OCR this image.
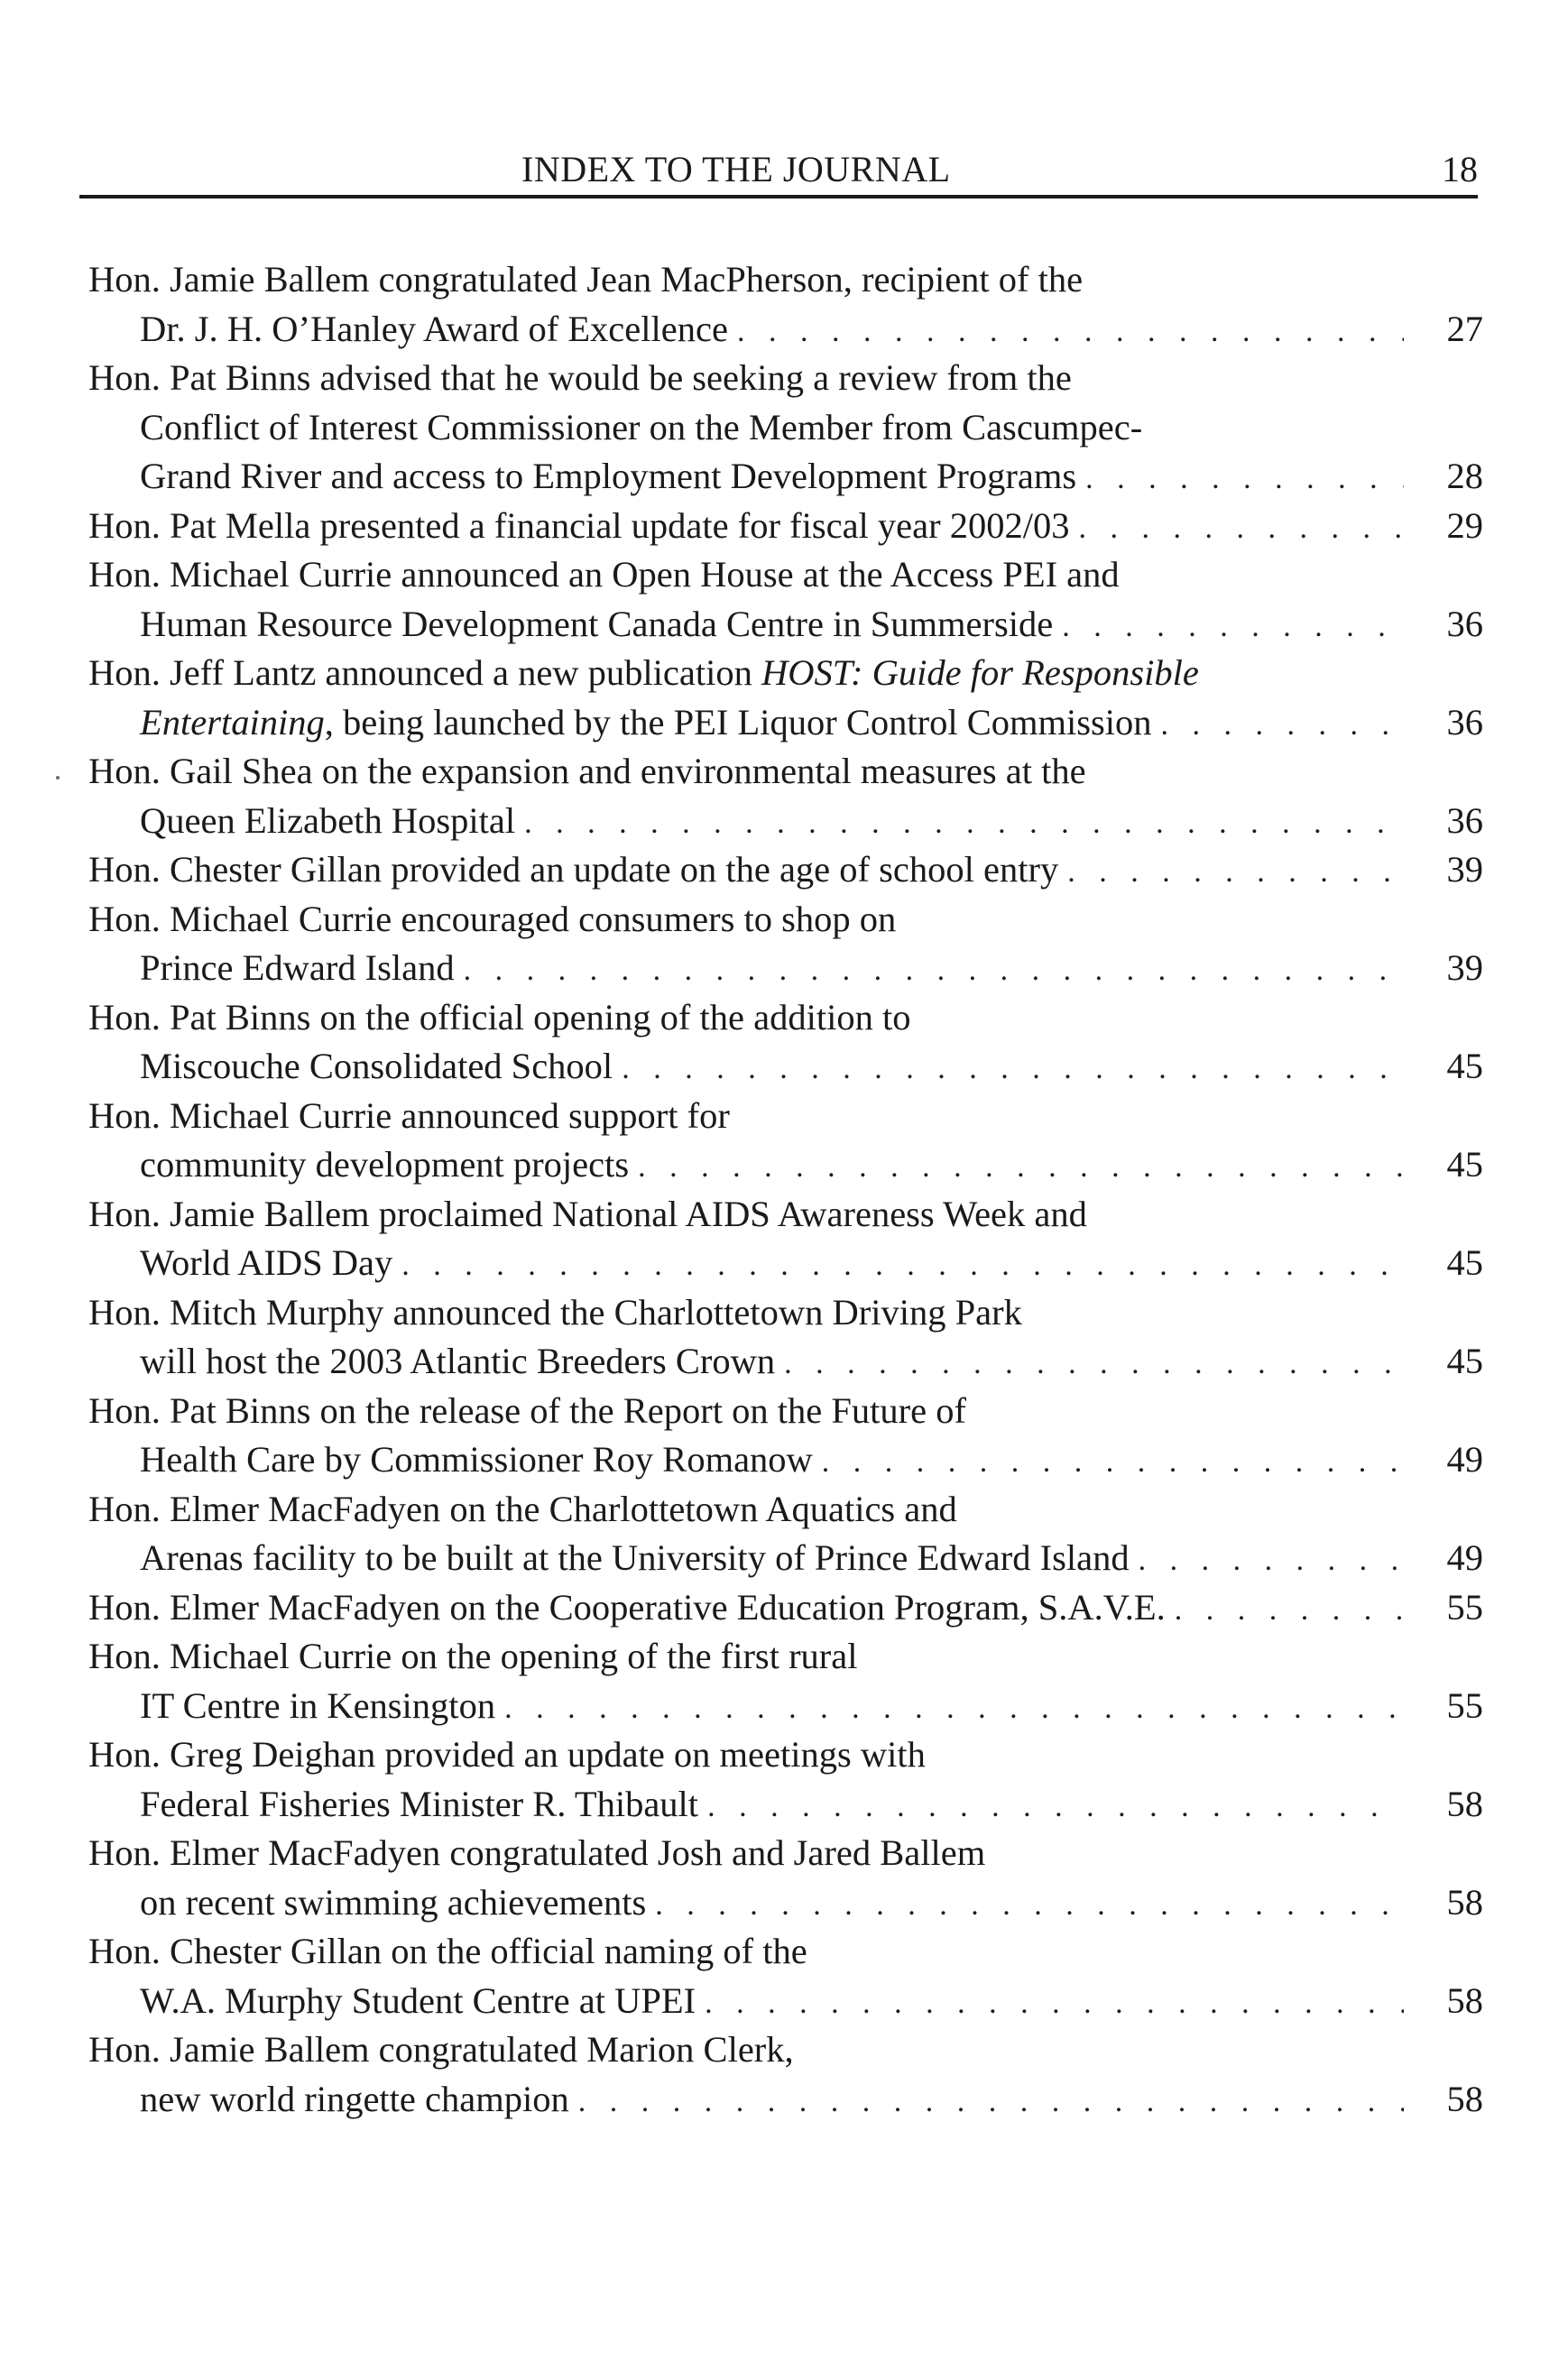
INDEX TO THE JOURNAL	18
Hon. Jamie Ballem congratulated Jean MacPherson, recipient of the
Dr. J. H. O’Hanley Award of Excellence . . .	27
Hon. Pat Binns advised that he would be seeking a review from the
Conflict of Interest Commissioner on the Member from Cascumpec-
Grand River and access to Employment Development Programs . . .	28
Hon. Pat Mella presented a financial update for fiscal year 2002/03 . . .	29
Hon. Michael Currie announced an Open House at the Access PEI and
Human Resource Development Canada Centre in Summerside . . .	36
Hon. Jeff Lantz announced a new publication HOST: Guide for Responsible
Entertaining, being launched by the PEI Liquor Control Commission . . .	36
Hon. Gail Shea on the expansion and environmental measures at the
Queen Elizabeth Hospital . . .	36
Hon. Chester Gillan provided an update on the age of school entry . . .	39
Hon. Michael Currie encouraged consumers to shop on
Prince Edward Island . . .	39
Hon. Pat Binns on the official opening of the addition to
Miscouche Consolidated School . . .	45
Hon. Michael Currie announced support for
community development projects . . .	45
Hon. Jamie Ballem proclaimed National AIDS Awareness Week and
World AIDS Day . . .	45
Hon. Mitch Murphy announced the Charlottetown Driving Park
will host the 2003 Atlantic Breeders Crown . . .	45
Hon. Pat Binns on the release of the Report on the Future of
Health Care by Commissioner Roy Romanow . . .	49
Hon. Elmer MacFadyen on the Charlottetown Aquatics and
Arenas facility to be built at the University of Prince Edward Island . . .	49
Hon. Elmer MacFadyen on the Cooperative Education Program, S.A.V.E. . . .	55
Hon. Michael Currie on the opening of the first rural
IT Centre in Kensington . . .	55
Hon. Greg Deighan provided an update on meetings with
Federal Fisheries Minister R. Thibault . . .	58
Hon. Elmer MacFadyen congratulated Josh and Jared Ballem
on recent swimming achievements . . .	58
Hon. Chester Gillan on the official naming of the
W.A. Murphy Student Centre at UPEI . . .	58
Hon. Jamie Ballem congratulated Marion Clerk,
new world ringette champion . . .	58
